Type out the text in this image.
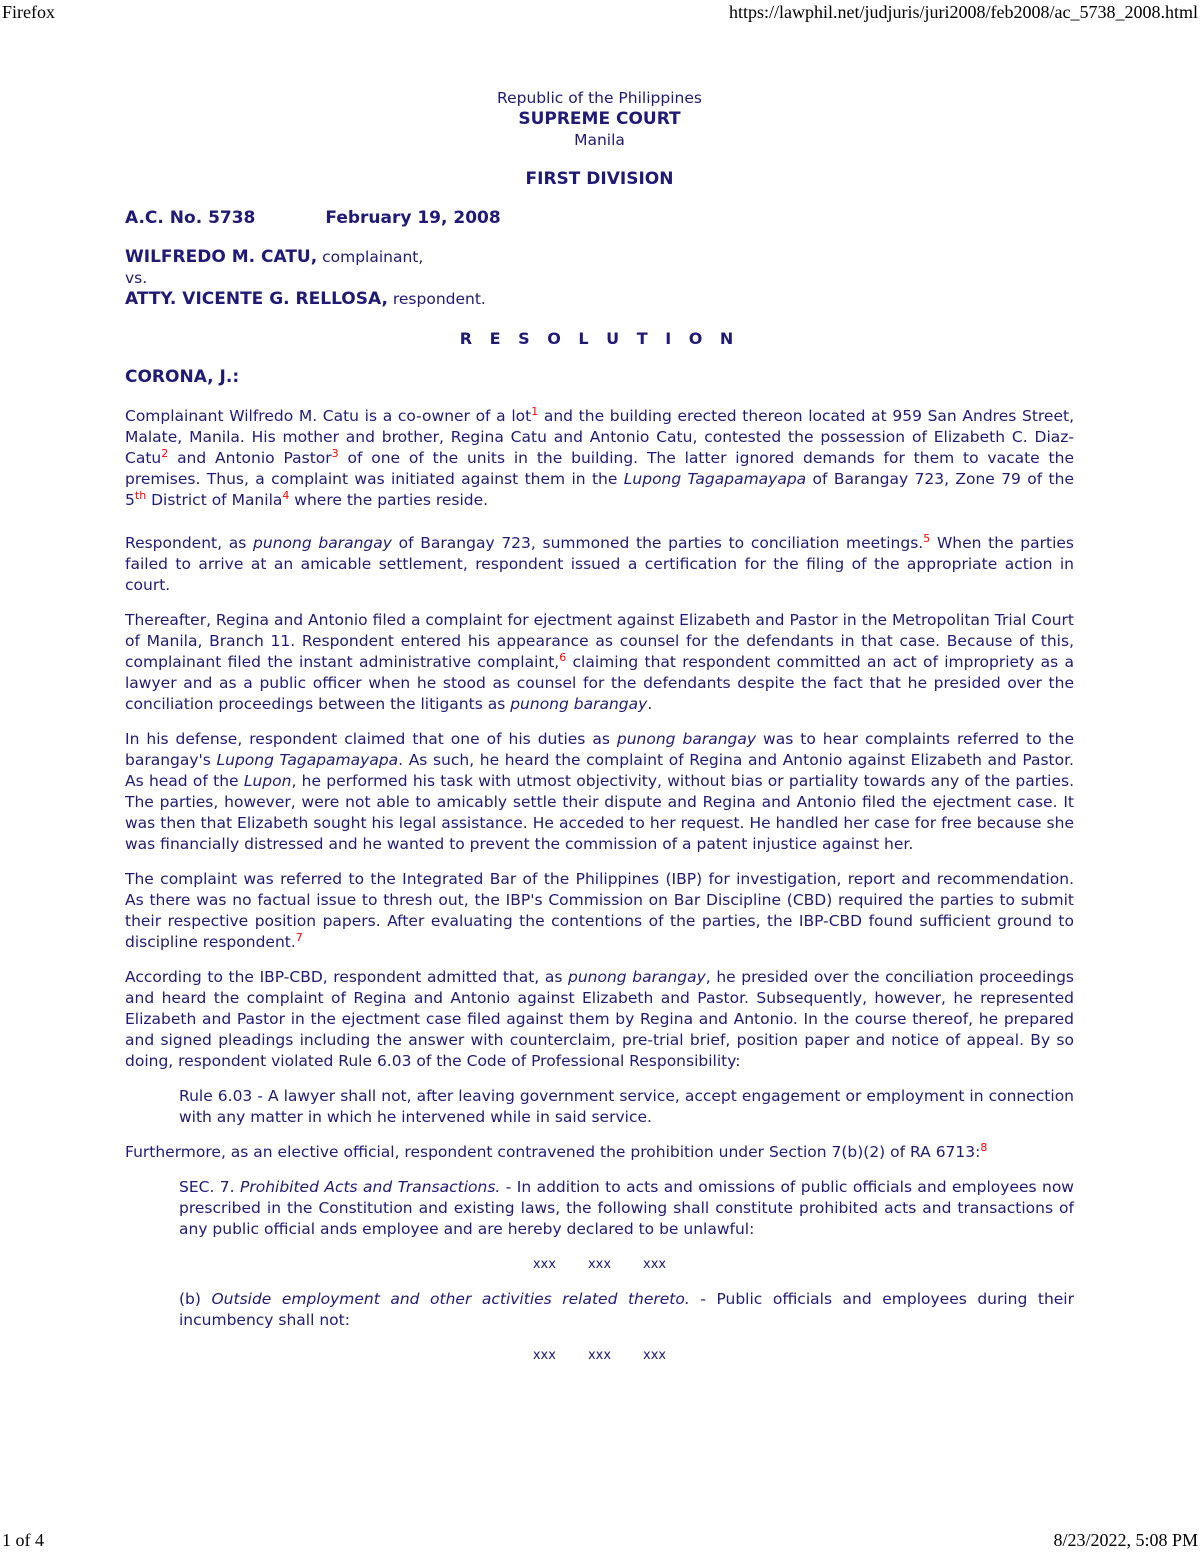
Firefox	https://lawphil.net/judjuris/juri2008/feb2008/ac_5738_2008.html
Republic of the Philippines
SUPREME COURT
Manila
FIRST DIVISION
A.C. No. 5738	February 19, 2008
WILFREDO M. CATU, complainant,
vs.
ATTY. VICENTE G. RELLOSA, respondent.
R E S O L U T I O N
CORONA, J.:

Complainant Wilfredo M. Catu is a co-owner of a lot$^1$ and the building erected thereon located at 959 San Andres Street, Malate, Manila. His mother and brother, Regina Catu and Antonio Catu, contested the possession of Elizabeth C. Diaz-Catu$^2$ and Antonio Pastor$^3$ of one of the units in the building. The latter ignored demands for them to vacate the premises. Thus, a complaint was initiated against them in the Lupong Tagapamayapa of Barangay 723, Zone 79 of the 5th District of Manila$^4$ where the parties reside.

Respondent, as punong barangay of Barangay 723, summoned the parties to conciliation meetings.$^5$ When the parties failed to arrive at an amicable settlement, respondent issued a certification for the filing of the appropriate action in court.

Thereafter, Regina and Antonio filed a complaint for ejectment against Elizabeth and Pastor in the Metropolitan Trial Court of Manila, Branch 11. Respondent entered his appearance as counsel for the defendants in that case. Because of this, complainant filed the instant administrative complaint,$^6$ claiming that respondent committed an act of impropriety as a lawyer and as a public officer when he stood as counsel for the defendants despite the fact that he presided over the conciliation proceedings between the litigants as punong barangay.

In his defense, respondent claimed that one of his duties as punong barangay was to hear complaints referred to the barangay's Lupong Tagapamayapa. As such, he heard the complaint of Regina and Antonio against Elizabeth and Pastor. As head of the Lupon, he performed his task with utmost objectivity, without bias or partiality towards any of the parties. The parties, however, were not able to amicably settle their dispute and Regina and Antonio filed the ejectment case. It was then that Elizabeth sought his legal assistance. He acceded to her request. He handled her case for free because she was financially distressed and he wanted to prevent the commission of a patent injustice against her.

The complaint was referred to the Integrated Bar of the Philippines (IBP) for investigation, report and recommendation. As there was no factual issue to thresh out, the IBP's Commission on Bar Discipline (CBD) required the parties to submit their respective position papers. After evaluating the contentions of the parties, the IBP-CBD found sufficient ground to discipline respondent.$^7$

According to the IBP-CBD, respondent admitted that, as punong barangay, he presided over the conciliation proceedings and heard the complaint of Regina and Antonio against Elizabeth and Pastor. Subsequently, however, he represented Elizabeth and Pastor in the ejectment case filed against them by Regina and Antonio. In the course thereof, he prepared and signed pleadings including the answer with counterclaim, pre-trial brief, position paper and notice of appeal. By so doing, respondent violated Rule 6.03 of the Code of Professional Responsibility:

Rule 6.03 - A lawyer shall not, after leaving government service, accept engagement or employment in connection with any matter in which he intervened while in said service.

Furthermore, as an elective official, respondent contravened the prohibition under Section 7(b)(2) of RA 6713:$^8$

SEC. 7. Prohibited Acts and Transactions. - In addition to acts and omissions of public officials and employees now prescribed in the Constitution and existing laws, the following shall constitute prohibited acts and transactions of any public official ands employee and are hereby declared to be unlawful:

xxx xxx xxx

(b) Outside employment and other activities related thereto. - Public officials and employees during their incumbency shall not:

xxx xxx xxx
1 of 4	8/23/2022, 5:08 PM
